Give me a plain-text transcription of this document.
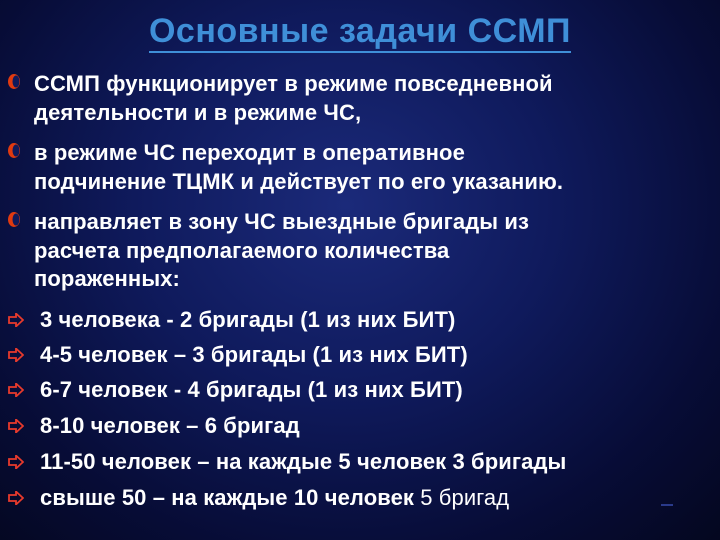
Основные задачи ССМП
ССМП функционирует в режиме повседневной
деятельности и в режиме ЧС,
в режиме ЧС переходит в оперативное
подчинение ТЦМК и действует по его указанию.
направляет в зону ЧС выездные бригады из
расчета предполагаемого количества
пораженных:
3 человека - 2 бригады (1 из них БИТ)
4-5 человек – 3 бригады (1 из них БИТ)
6-7 человек - 4 бригады (1 из них БИТ)
8-10 человек – 6 бригад
11-50 человек – на каждые 5 человек 3 бригады
свыше 50 – на каждые 10 человек 5 бригад
